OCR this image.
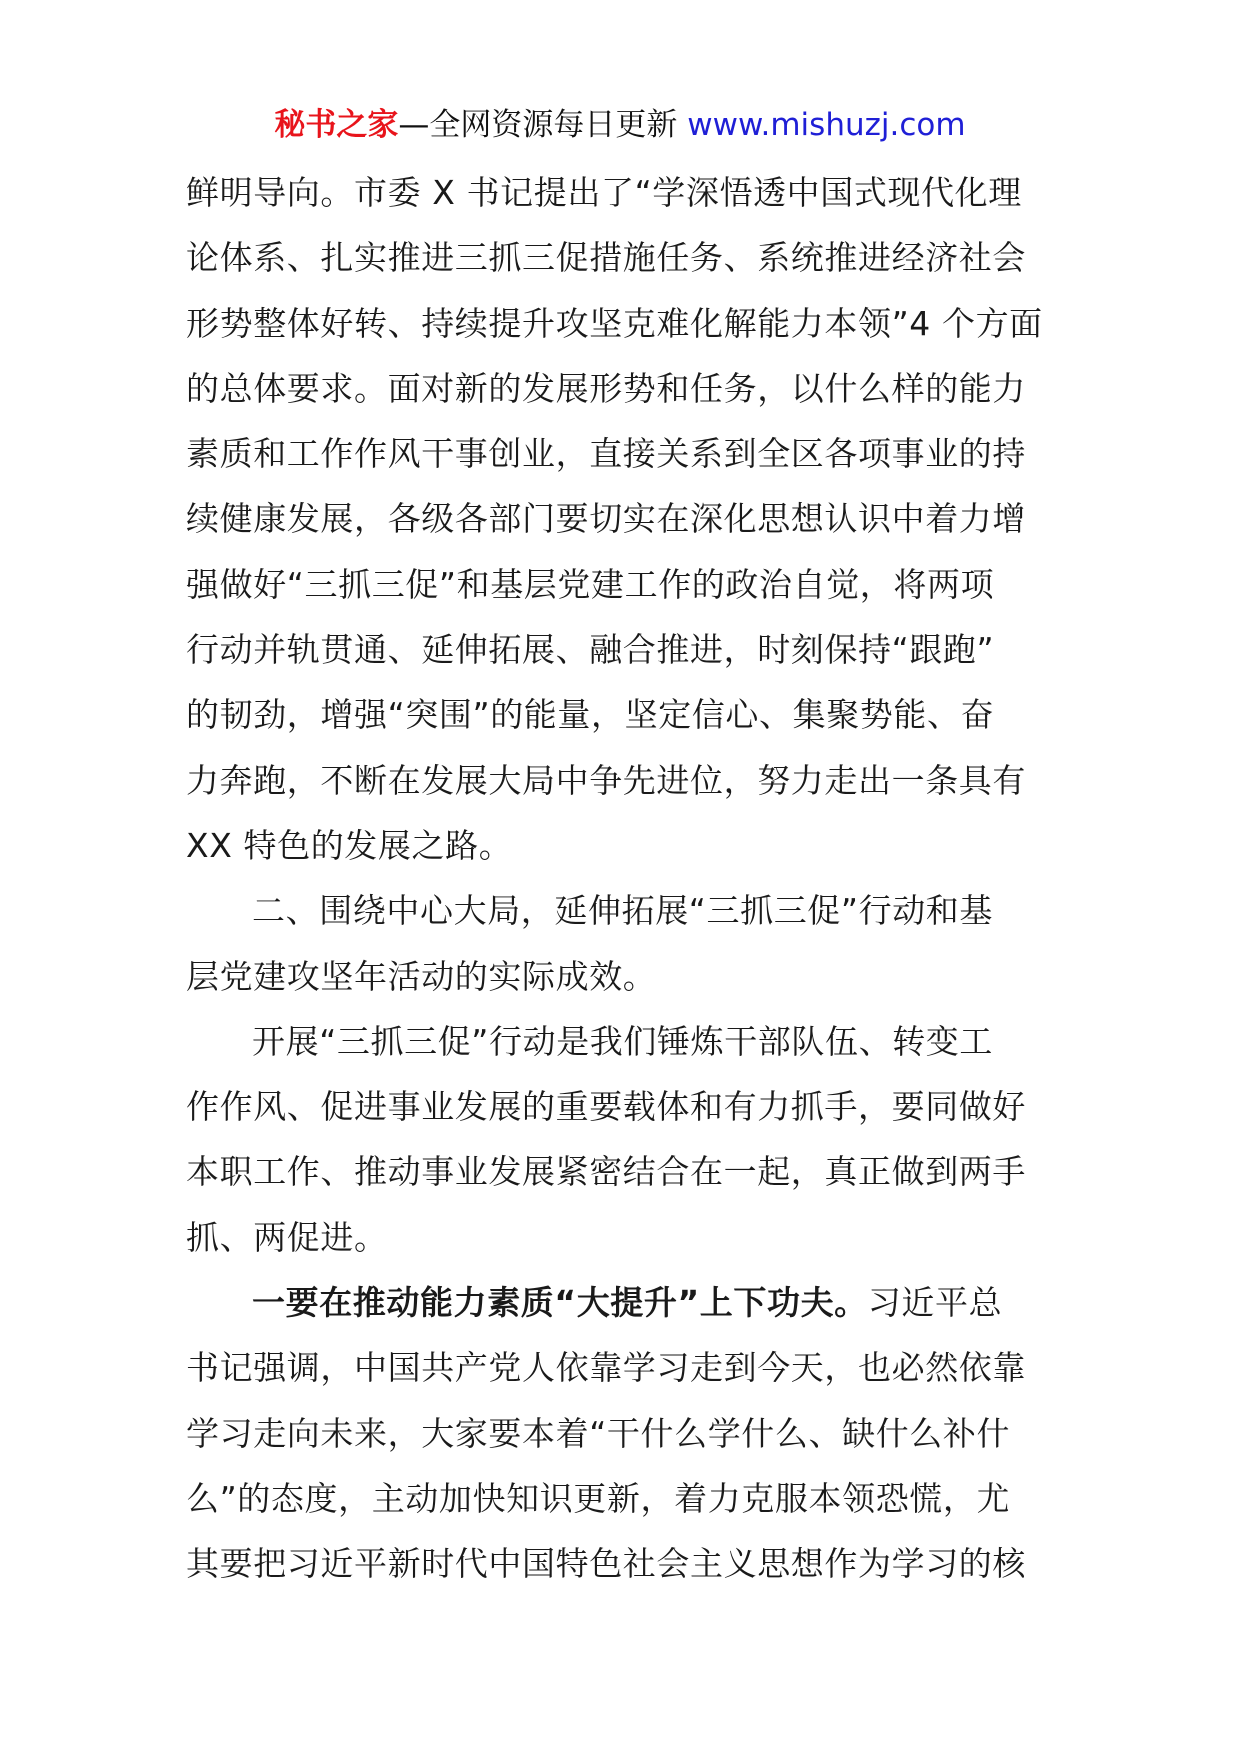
秘书之家—全网资源每日更新 www.mishuzj.com
鲜明导向。市委 X 书记提出了“学深悟透中国式现代化理
论体系、扎实推进三抓三促措施任务、系统推进经济社会
形势整体好转、持续提升攻坚克难化解能力本领”4 个方面
的总体要求。面对新的发展形势和任务，以什么样的能力
素质和工作作风干事创业，直接关系到全区各项事业的持
续健康发展，各级各部门要切实在深化思想认识中着力增
强做好“三抓三促”和基层党建工作的政治自觉，将两项
行动并轨贯通、延伸拓展、融合推进，时刻保持“跟跑”
的韧劲，增强“突围”的能量，坚定信心、集聚势能、奋
力奔跑，不断在发展大局中争先进位，努力走出一条具有
XX 特色的发展之路。
二、围绕中心大局，延伸拓展“三抓三促”行动和基
层党建攻坚年活动的实际成效。
开展“三抓三促”行动是我们锤炼干部队伍、转变工
作作风、促进事业发展的重要载体和有力抓手，要同做好
本职工作、推动事业发展紧密结合在一起，真正做到两手
抓、两促进。
一要在推动能力素质“大提升”上下功夫。习近平总
书记强调，中国共产党人依靠学习走到今天，也必然依靠
学习走向未来，大家要本着“干什么学什么、缺什么补什
么”的态度，主动加快知识更新，着力克服本领恐慌，尤
其要把习近平新时代中国特色社会主义思想作为学习的核
